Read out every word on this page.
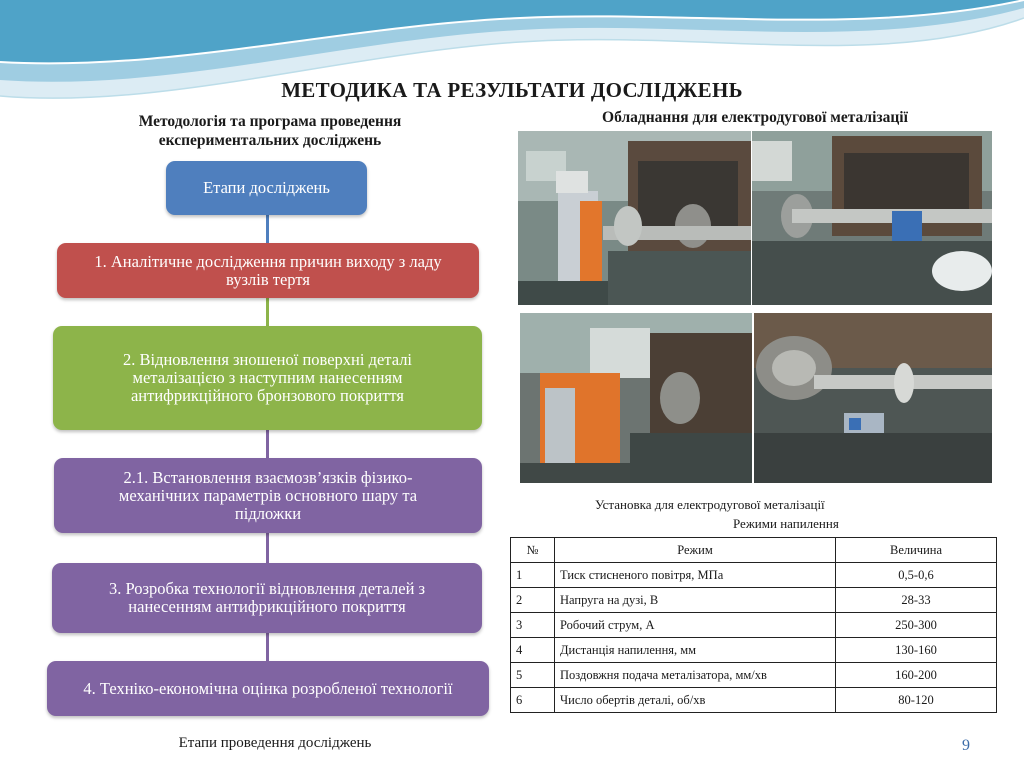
МЕТОДИКА ТА РЕЗУЛЬТАТИ ДОСЛІДЖЕНЬ
Методологія та програма проведення
експериментальних досліджень
Обладнання для електродугової металізації
Етапи досліджень
1. Аналітичне дослідження причин виходу з ладу
вузлів тертя
2. Відновлення зношеної поверхні деталі
металізацією з наступним нанесенням
антифрикційного бронзового покриття
2.1. Встановлення взаємозв’язків фізико-
механічних параметрів основного шару та
підложки
3. Розробка технології відновлення деталей з
нанесенням антифрикційного покриття
4. Техніко-економічна оцінка розробленої технології
Установка для електродугової металізації
Режими напилення
№	Режим	Величина
1	Тиск стисненого повітря, МПа	0,5-0,6
2	Напруга на дузі, В	28-33
3	Робочий струм, А	250-300
4	Дистанція напилення, мм	130-160
5	Поздовжня подача металізатора, мм/хв	160-200
6	Число обертів деталі, об/хв	80-120
Етапи проведення досліджень	9
